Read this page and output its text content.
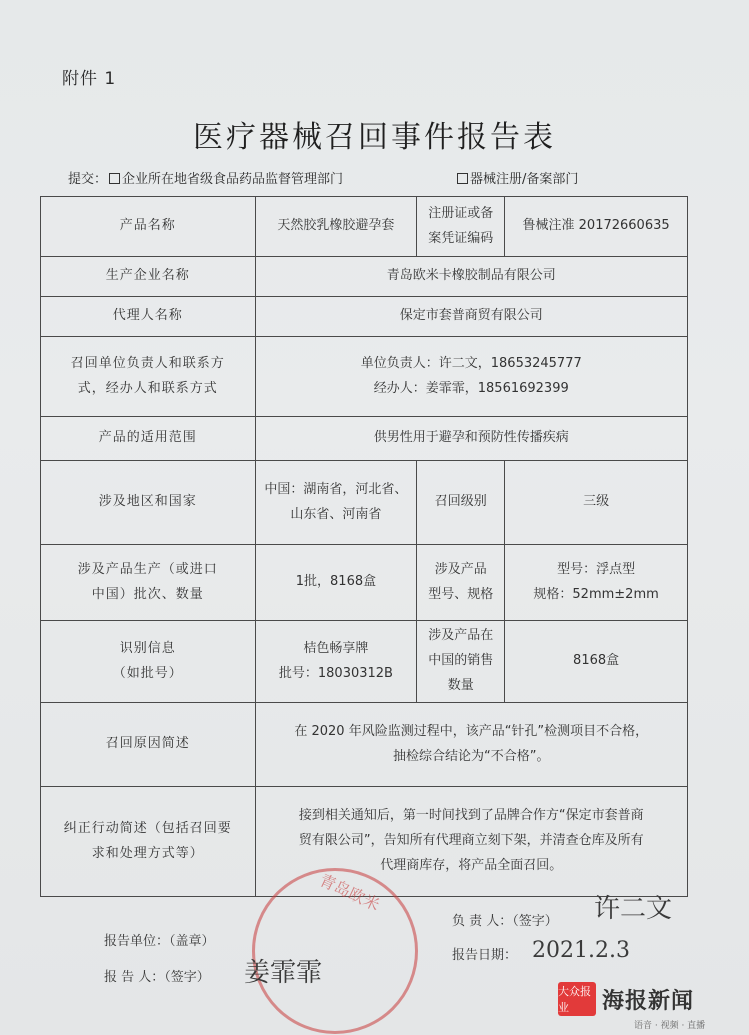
附件 1
医疗器械召回事件报告表
提交： 企业所在地省级食品药品监督管理部门	器械注册/备案部门
产品名称	天然胶乳橡胶避孕套	注册证或备
案凭证编码	鲁械注准 20172660635
生产企业名称	青岛欧米卡橡胶制品有限公司		
代理人名称	保定市套普商贸有限公司		
召回单位负责人和联系方
式，经办人和联系方式	单位负责人：许二文，18653245777
经办人：姜霏霏，18561692399		
产品的适用范围	供男性用于避孕和预防性传播疾病		
涉及地区和国家	中国：湖南省，河北省、
山东省、河南省	召回级别	三级
涉及产品生产（或进口
中国）批次、数量	1批，8168盒	涉及产品
型号、规格	型号：浮点型
规格：52mm±2mm
识别信息
（如批号）	桔色畅享牌
批号：18030312B	涉及产品在
中国的销售
数量	8168盒
召回原因简述	在 2020 年风险监测过程中，该产品“针孔”检测项目不合格，
抽检综合结论为“不合格”。		
纠正行动简述（包括召回要
求和处理方式等）	接到相关通知后，第一时间找到了品牌合作方“保定市套普商
贸有限公司”，告知所有代理商立刻下架，并清查仓库及所有
代理商库存，将产品全面召回。		
青岛欧米
报告单位：（盖章）
报 告 人：（签字）
负 责 人：（签字）
报告日期：
许二文
姜霏霏
2021.2.3
大众报业	海报新闻
语音 · 视频 · 直播
